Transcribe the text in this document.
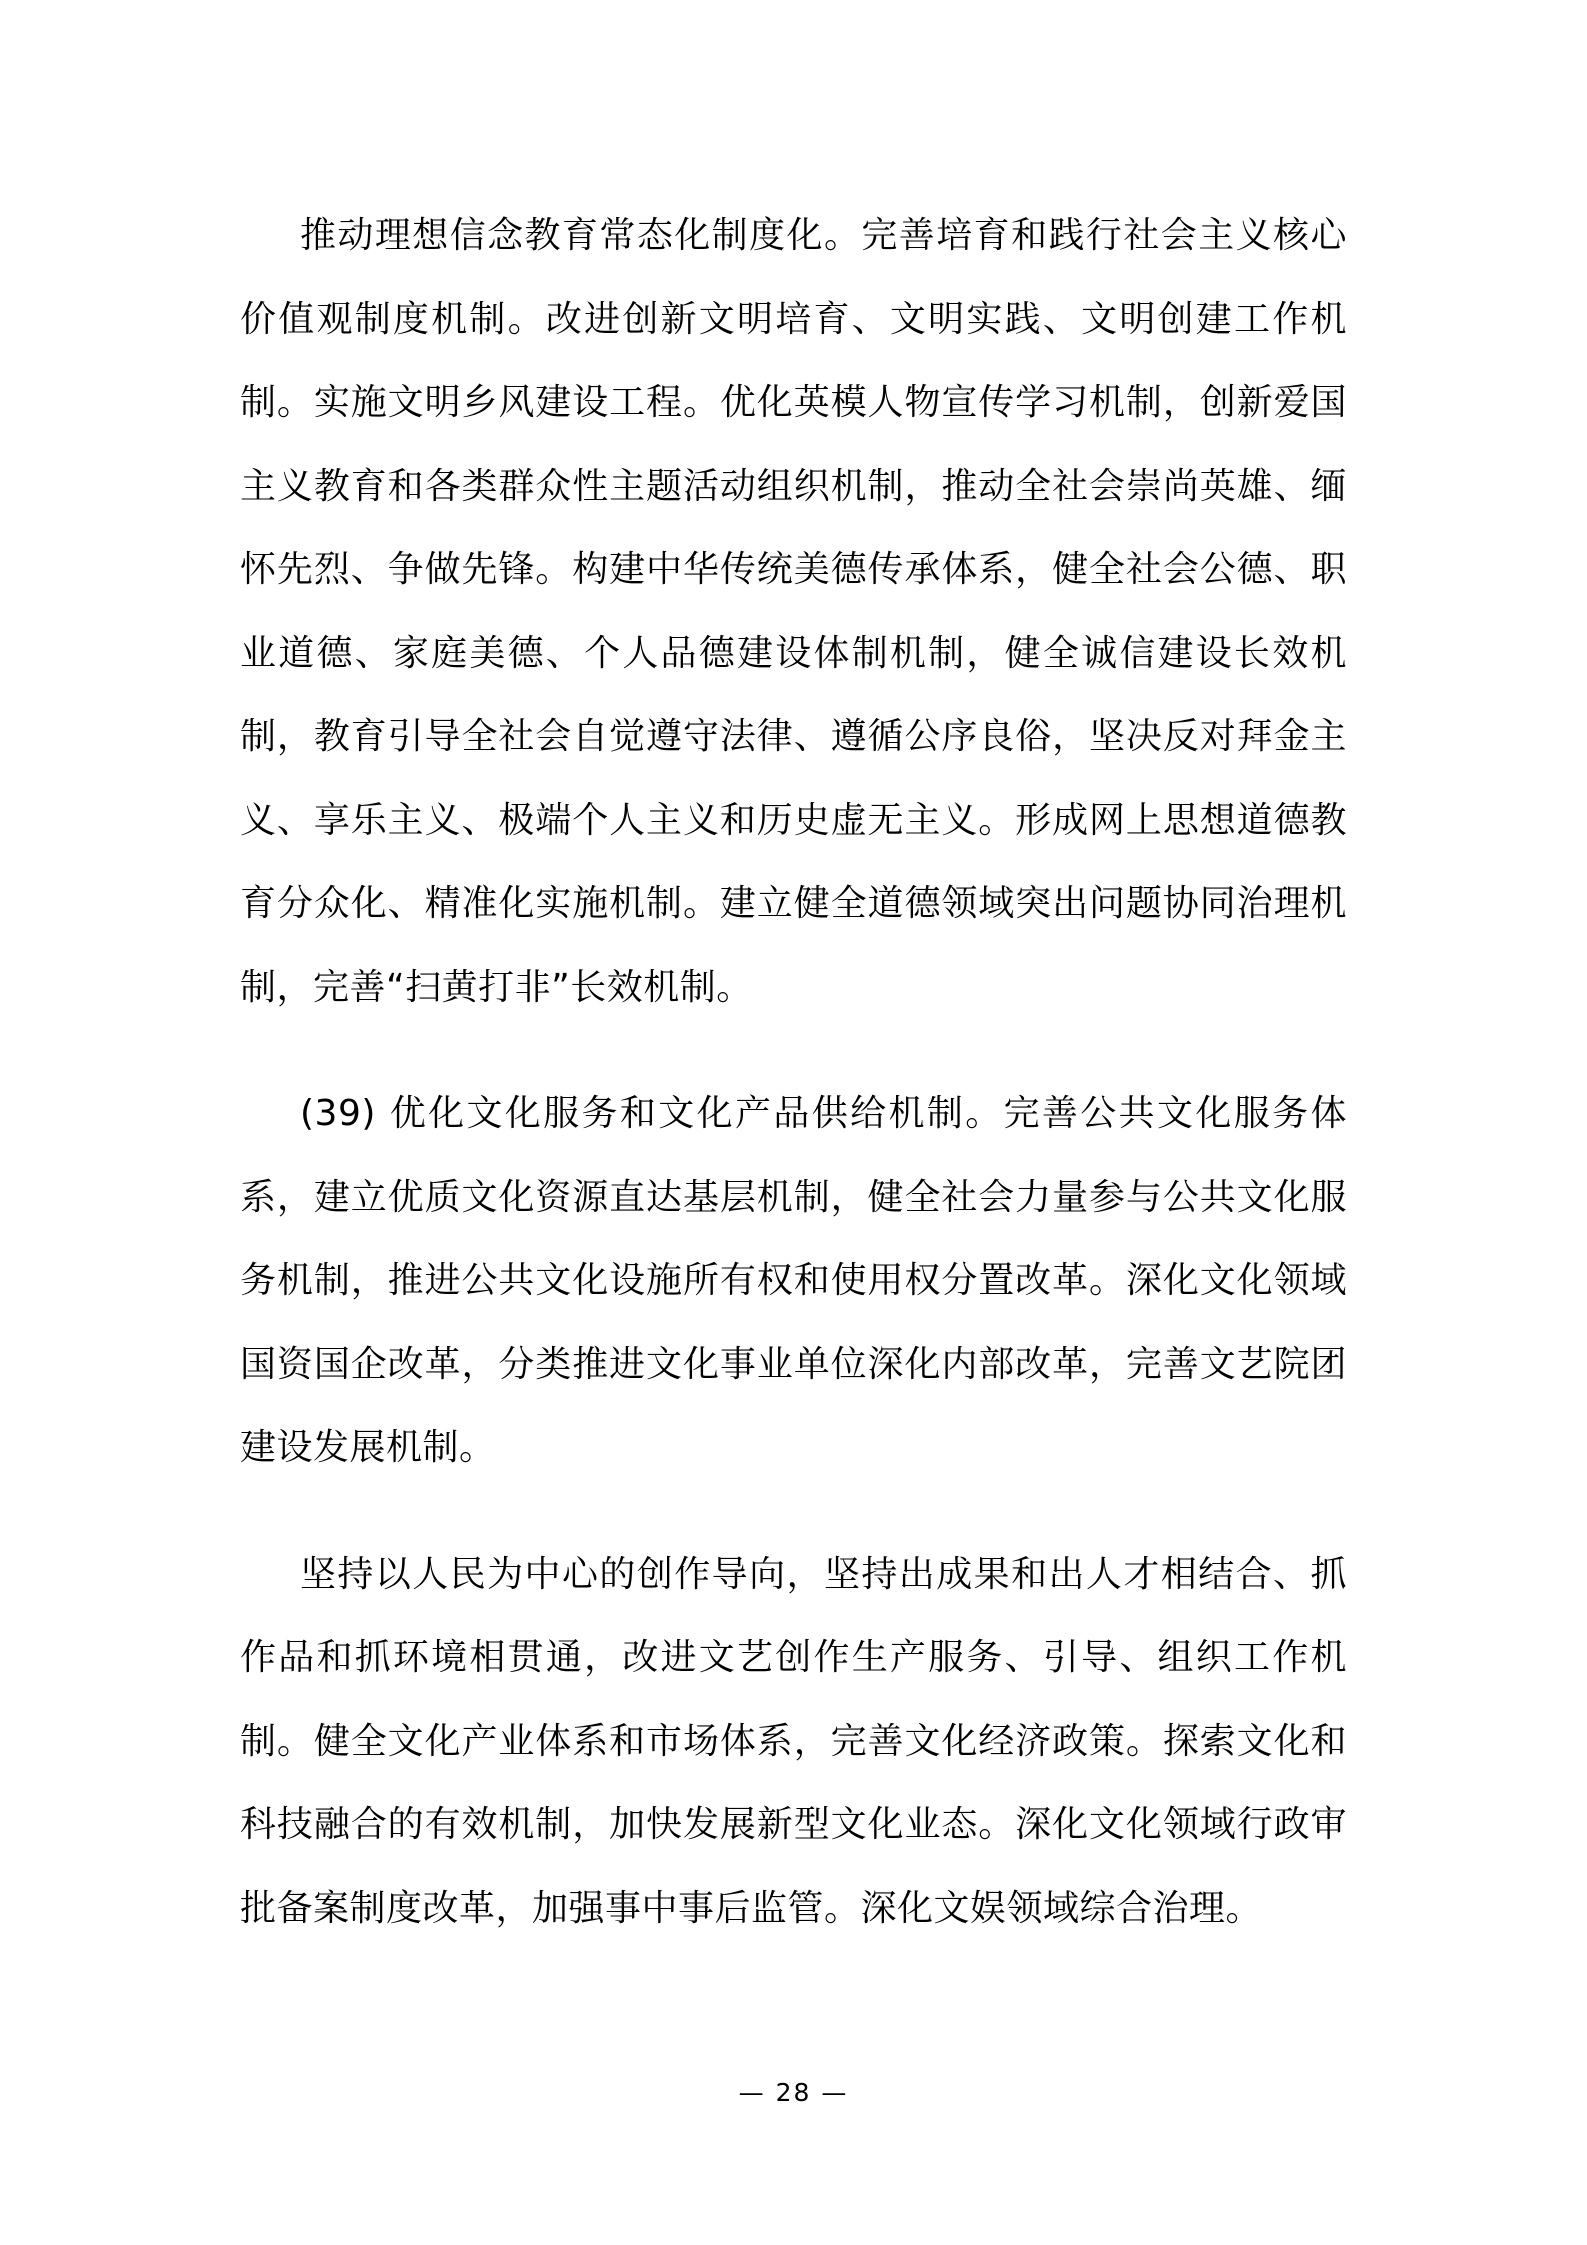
推动理想信念教育常态化制度化。完善培育和践行社会主义核心价值观制度机制。改进创新文明培育、文明实践、文明创建工作机制。实施文明乡风建设工程。优化英模人物宣传学习机制，创新爱国主义教育和各类群众性主题活动组织机制，推动全社会崇尚英雄、缅怀先烈、争做先锋。构建中华传统美德传承体系，健全社会公德、职业道德、家庭美德、个人品德建设体制机制，健全诚信建设长效机制，教育引导全社会自觉遵守法律、遵循公序良俗，坚决反对拜金主义、享乐主义、极端个人主义和历史虚无主义。形成网上思想道德教育分众化、精准化实施机制。建立健全道德领域突出问题协同治理机制，完善“扫黄打非”长效机制。

(39) 优化文化服务和文化产品供给机制。完善公共文化服务体系，建立优质文化资源直达基层机制，健全社会力量参与公共文化服务机制，推进公共文化设施所有权和使用权分置改革。深化文化领域国资国企改革，分类推进文化事业单位深化内部改革，完善文艺院团建设发展机制。

坚持以人民为中心的创作导向，坚持出成果和出人才相结合、抓作品和抓环境相贯通，改进文艺创作生产服务、引导、组织工作机制。健全文化产业体系和市场体系，完善文化经济政策。探索文化和科技融合的有效机制，加快发展新型文化业态。深化文化领域行政审批备案制度改革，加强事中事后监管。深化文娱领域综合治理。

— 28 —
